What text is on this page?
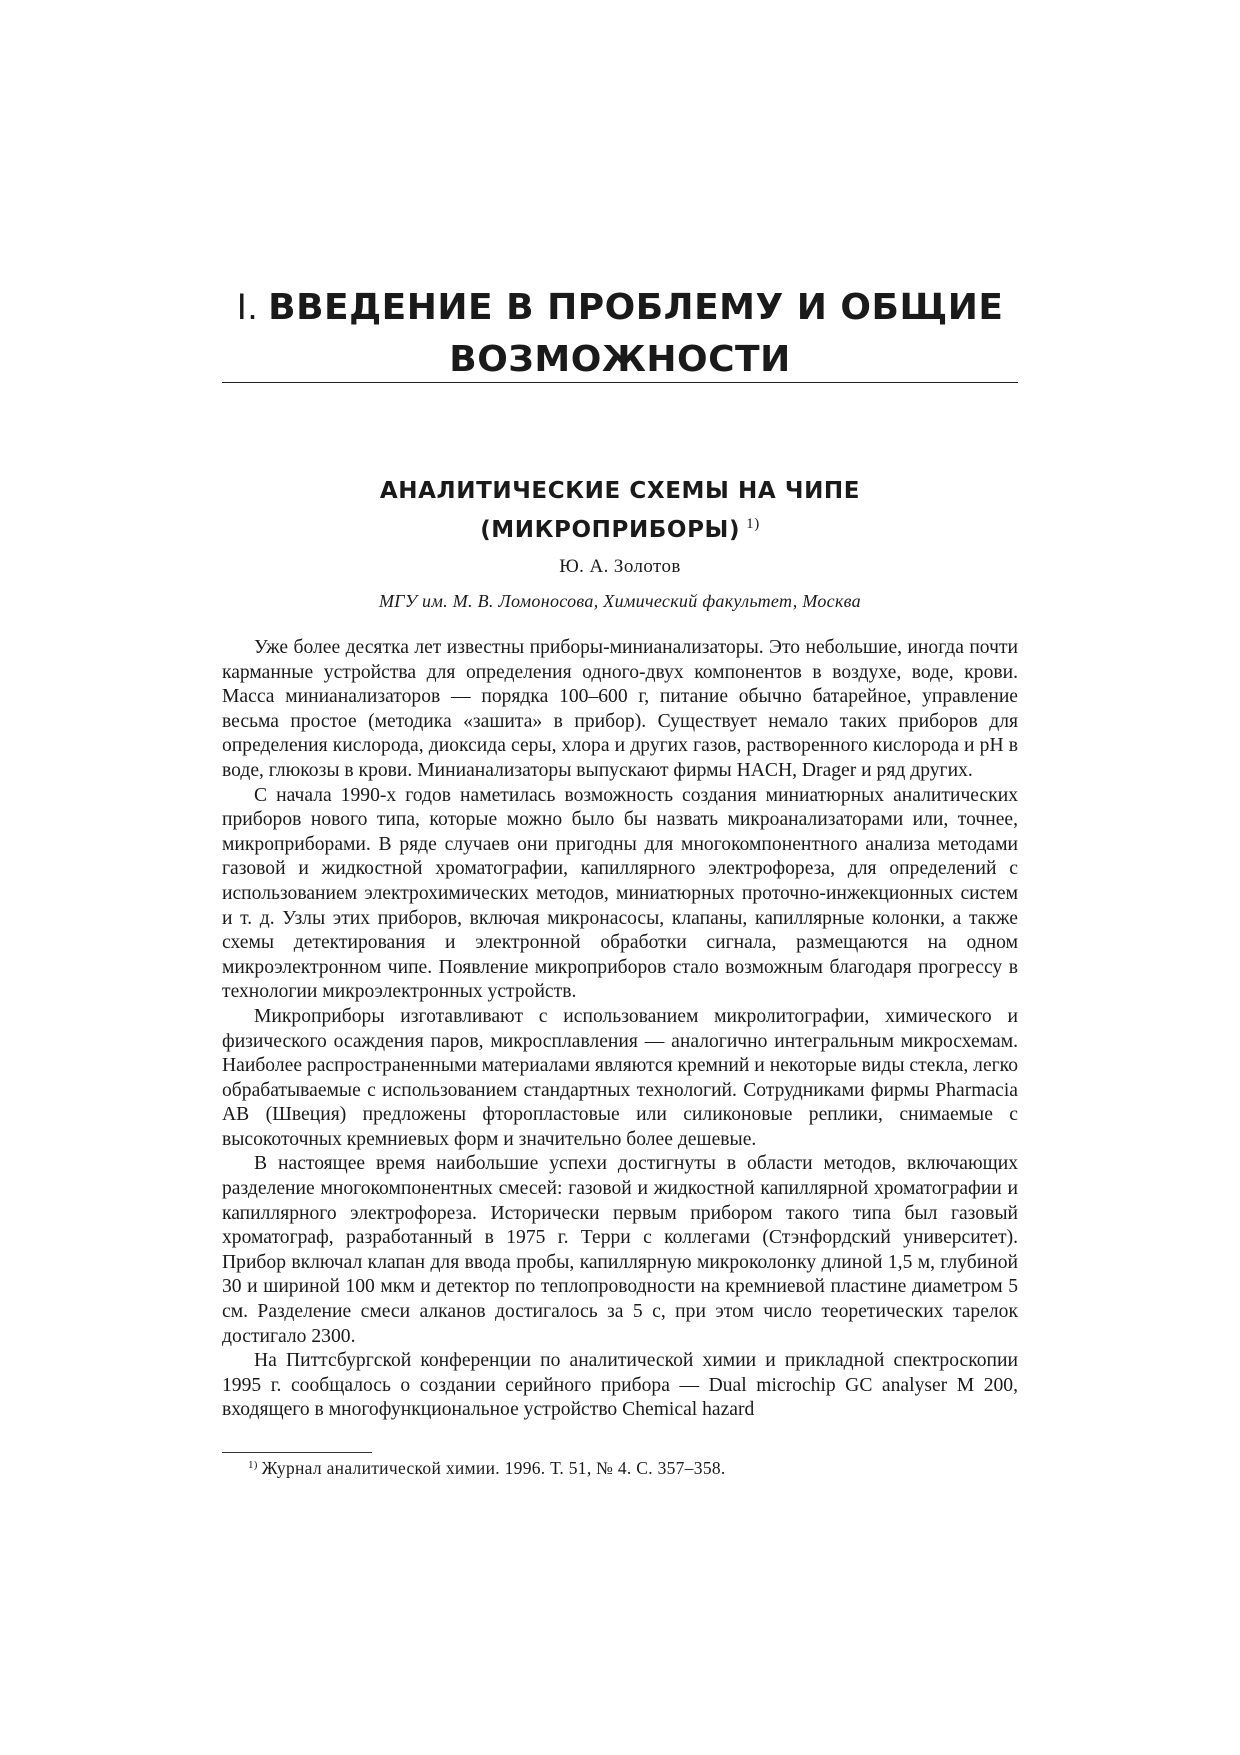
I. ВВЕДЕНИЕ В ПРОБЛЕМУ И ОБЩИЕ
ВОЗМОЖНОСТИ
АНАЛИТИЧЕСКИЕ СХЕМЫ НА ЧИПЕ
(МИКРОПРИБОРЫ) $^{1)}$
Ю. А. Золотов
МГУ им. М. В. Ломоносова, Химический факультет, Москва

Уже более десятка лет известны приборы-минианализаторы. Это небольшие, иногда почти карманные устройства для определения одного-двух компонентов в воздухе, воде, крови. Масса минианализаторов — порядка 100–600 г, питание обычно батарейное, управление весьма простое (методика «зашита» в прибор). Существует немало таких приборов для определения кислорода, диоксида серы, хлора и других газов, растворенного кислорода и pH в воде, глюкозы в крови. Минианализаторы выпускают фирмы HACH, Drager и ряд других.

С начала 1990-х годов наметилась возможность создания миниатюрных аналитических приборов нового типа, которые можно было бы назвать микроанализаторами или, точнее, микроприборами. В ряде случаев они пригодны для многокомпонентного анализа методами газовой и жидкостной хроматографии, капиллярного электрофореза, для определений с использованием электрохимических методов, миниатюрных проточно-инжекционных систем и т. д. Узлы этих приборов, включая микронасосы, клапаны, капиллярные колонки, а также схемы детектирования и электронной обработки сигнала, размещаются на одном микроэлектронном чипе. Появление микроприборов стало возможным благодаря прогрессу в технологии микроэлектронных устройств.

Микроприборы изготавливают с использованием микролитографии, химического и физического осаждения паров, микросплавления — аналогично интегральным микросхемам. Наиболее распространенными материалами являются кремний и некоторые виды стекла, легко обрабатываемые с использованием стандартных технологий. Сотрудниками фирмы Pharmacia AB (Швеция) предложены фторопластовые или силиконовые реплики, снимаемые с высокоточных кремниевых форм и значительно более дешевые.

В настоящее время наибольшие успехи достигнуты в области методов, включающих разделение многокомпонентных смесей: газовой и жидкостной капиллярной хроматографии и капиллярного электрофореза. Исторически первым прибором такого типа был газовый хроматограф, разработанный в 1975 г. Терри с коллегами (Стэнфордский университет). Прибор включал клапан для ввода пробы, капиллярную микроколонку длиной 1,5 м, глубиной 30 и шириной 100 мкм и детектор по теплопроводности на кремниевой пластине диаметром 5 см. Разделение смеси алканов достигалось за 5 с, при этом число теоретических тарелок достигало 2300.

На Питтсбургской конференции по аналитической химии и прикладной спектроскопии 1995 г. сообщалось о создании серийного прибора — Dual microchip GC analyser M 200, входящего в многофункциональное устройство Chemical hazard

$^{1)}$ Журнал аналитической химии. 1996. Т. 51, № 4. С. 357–358.
